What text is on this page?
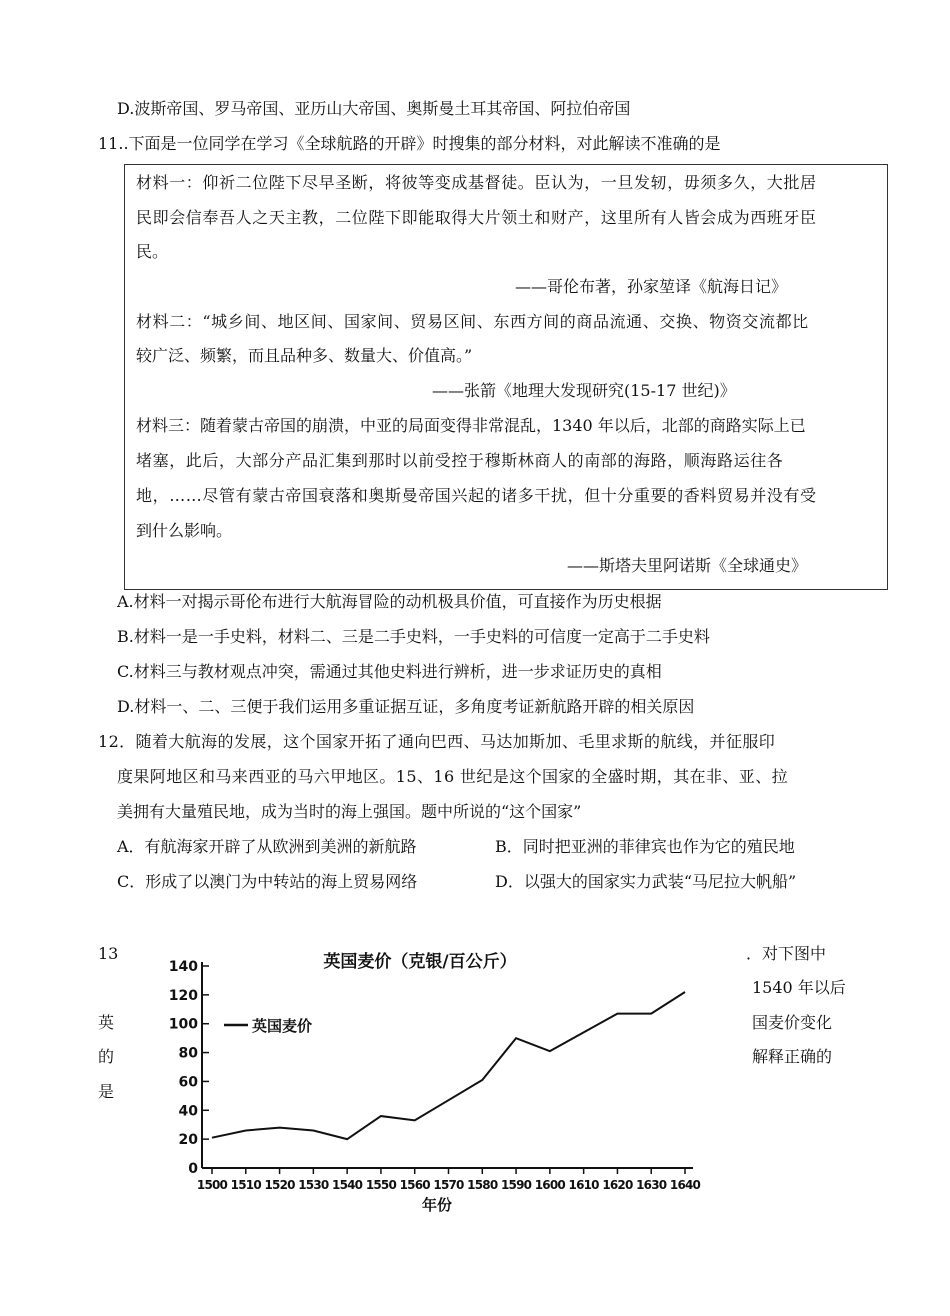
D.波斯帝国、罗马帝国、亚历山大帝国、奥斯曼土耳其帝国、阿拉伯帝国
11..下面是一位同学在学习《全球航路的开辟》时搜集的部分材料，对此解读不准确的是
材料一：仰祈二位陛下尽早圣断，将彼等变成基督徒。臣认为，一旦发轫，毋须多久，大批居
民即会信奉吾人之天主教，二位陛下即能取得大片领土和财产，这里所有人皆会成为西班牙臣
民。
——哥伦布著，孙家堃译《航海日记》
材料二：“城乡间、地区间、国家间、贸易区间、东西方间的商品流通、交换、物资交流都比
较广泛、频繁，而且品种多、数量大、价值高。”
——张箭《地理大发现研究(15-17 世纪)》
材料三：随着蒙古帝国的崩溃，中亚的局面变得非常混乱，1340 年以后，北部的商路实际上已
堵塞，此后，大部分产品汇集到那时以前受控于穆斯林商人的南部的海路，顺海路运往各
地，……尽管有蒙古帝国衰落和奥斯曼帝国兴起的诸多干扰，但十分重要的香料贸易并没有受
到什么影响。
——斯塔夫里阿诺斯《全球通史》
A.材料一对揭示哥伦布进行大航海冒险的动机极具价值，可直接作为历史根据
B.材料一是一手史料，材料二、三是二手史料，一手史料的可信度一定高于二手史料
C.材料三与教材观点冲突，需通过其他史料进行辨析，进一步求证历史的真相
D.材料一、二、三便于我们运用多重证据互证，多角度考证新航路开辟的相关原因
12．随着大航海的发展，这个国家开拓了通向巴西、马达加斯加、毛里求斯的航线，并征服印
度果阿地区和马来西亚的马六甲地区。15、16 世纪是这个国家的全盛时期，其在非、亚、拉
美拥有大量殖民地，成为当时的海上强国。题中所说的“这个国家”
A．有航海家开辟了从欧洲到美洲的新航路	B．同时把亚洲的菲律宾也作为它的殖民地
C．形成了以澳门为中转站的海上贸易网络	D．以强大的国家实力武装“马尼拉大帆船”
13
英
的
是
．对下图中
1540 年以后
国麦价变化
解释正确的
英国麦价（克银/百公斤）
0
20
40
60
80
100
120
140
1500 1510 1520 1530 1540 1550 1560 1570 1580 1590 1600 1610 1620 1630 1640
英国麦价
年份
